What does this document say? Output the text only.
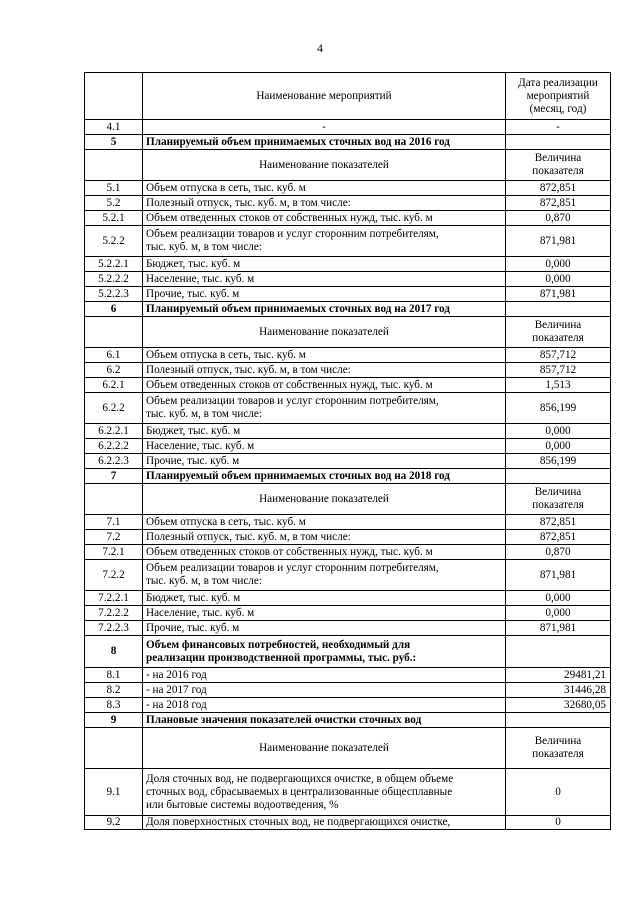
4
	Наименование мероприятий	Дата реализации
мероприятий
(месяц, год)

4.1	-	-
5	Планируемый объем принимаемых сточных вод на 2016 год	
	Наименование показателей	Величина
показателя

5.1	Объем отпуска в сеть, тыс. куб. м	872,851
5.2	Полезный отпуск, тыс. куб. м, в том числе:	872,851
5.2.1	Объем отведенных стоков от собственных нужд, тыс. куб. м	0,870
5.2.2	Объем реализации товаров и услуг сторонним потребителям,
тыс. куб. м, в том числе:	871,981
5.2.2.1	Бюджет, тыс. куб. м	0,000
5.2.2.2	Население, тыс. куб. м	0,000
5.2.2.3	Прочие, тыс. куб. м	871,981
6	Планируемый объем принимаемых сточных вод на 2017 год	
	Наименование показателей	Величина
показателя

6.1	Объем отпуска в сеть, тыс. куб. м	857,712
6.2	Полезный отпуск, тыс. куб. м, в том числе:	857,712
6.2.1	Объем отведенных стоков от собственных нужд, тыс. куб. м	1,513
6.2.2	Объем реализации товаров и услуг сторонним потребителям,
тыс. куб. м, в том числе:	856,199
6.2.2.1	Бюджет, тыс. куб. м	0,000
6.2.2.2	Население, тыс. куб. м	0,000
6.2.2.3	Прочие, тыс. куб. м	856,199
7	Планируемый объем принимаемых сточных вод на 2018 год	
	Наименование показателей	Величина
показателя

7.1	Объем отпуска в сеть, тыс. куб. м	872,851
7.2	Полезный отпуск, тыс. куб. м, в том числе:	872,851
7.2.1	Объем отведенных стоков от собственных нужд, тыс. куб. м	0,870
7.2.2	Объем реализации товаров и услуг сторонним потребителям,
тыс. куб. м, в том числе:	871,981
7.2.2.1	Бюджет, тыс. куб. м	0,000
7.2.2.2	Население, тыс. куб. м	0,000
7.2.2.3	Прочие, тыс. куб. м	871,981
8	Объем финансовых потребностей, необходимый для
реализации производственной программы, тыс. руб.:	

8.1	- на 2016 год	29481,21
8.2	- на 2017 год	31446,28
8.3	- на 2018 год	32680,05
9	Плановые значения показателей очистки сточных вод	
	Наименование показателей	Величина
показателя

9.1	Доля сточных вод, не подвергающихся очистке, в общем объеме
сточных вод, сбрасываемых в централизованные общесплавные
или бытовые системы водоотведения, %	0
9.2	Доля поверхностных сточных вод, не подвергающихся очистке,	0
